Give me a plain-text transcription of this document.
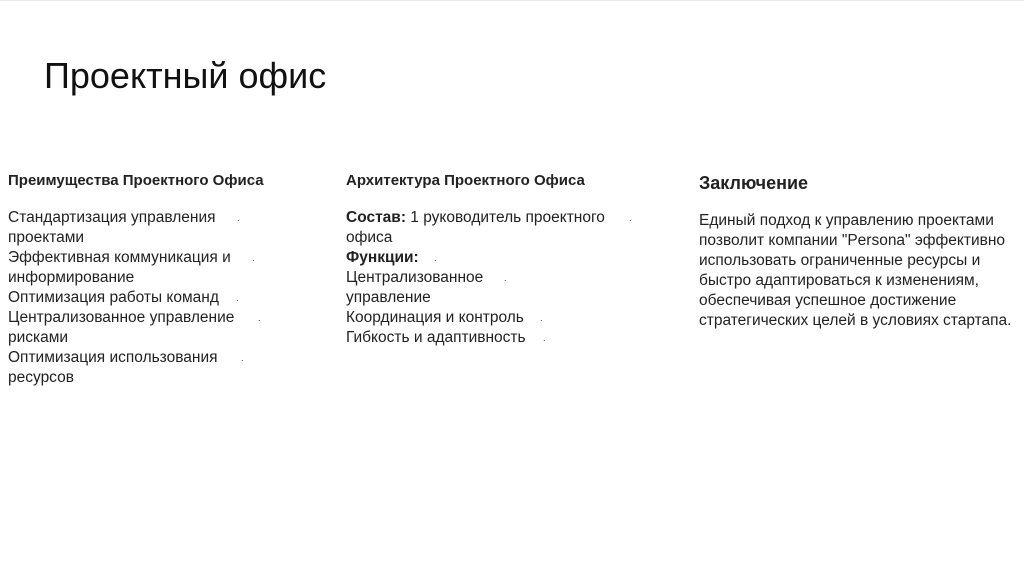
Проектный офис
Преимущества Проектного Офиса
Стандартизация управления
проектами
.
Эффективная коммуникация и
информирование
.
Оптимизация работы команд	.
Централизованное управление
рисками
.
Оптимизация использования
ресурсов
.
Архитектура Проектного Офиса
Состав: 1 руководитель проектного
офиса
.
Функции:	.
Централизованное
управление
.
Координация и контроль	.
Гибкость и адаптивность	.
Заключение
Единый подход к управлению проектами позволит компании "Persona" эффективно использовать ограниченные ресурсы и быстро адаптироваться к изменениям, обеспечивая успешное достижение стратегических целей в условиях стартапа.
